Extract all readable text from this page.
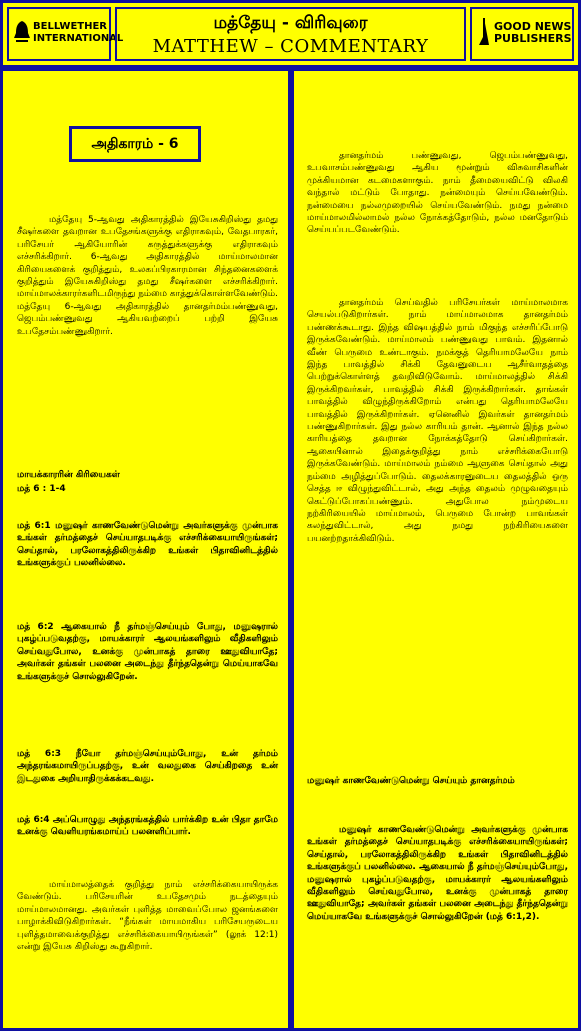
BELLWETHER INTERNATIONAL
மத்தேயு - விரிவுரை
MATTHEW – COMMENTARY
GOOD NEWS PUBLISHERS
அதிகாரம் - 6

மத்தேயு 5-ஆவது அதிகாரத்தில் இயேசுகிறிஸ்து தமது சீஷர்களை தவறான உபதேசங்களுக்கு எதிராகவும், வேதபாரகர், பரிசேயர் ஆகியோரின் கருத்துக்களுக்கு எதிராகவும் எச்சரிக்கிறார். 6-ஆவது அதிகாரத்தில் மாய்மாலமான கிரியைகளைக் குறித்தும், உலகப்பிரகாரமான சிந்தனைகளைக் குறித்தும் இயேசுகிறிஸ்து தமது சீஷர்களை எச்சரிக்கிறார். மாய்மாலக்காரர்களிடமிருந்து நம்மை காத்துக்கொள்ளவேண்டும். மத்தேயு 6-ஆவது அதிகாரத்தில் தானதர்மம்பண்ணுவது, ஜெபம்பண்ணுவது ஆகியவற்றைப் பற்றி இயேசு உபதேசம்பண்ணுகிறார்.

மாயக்காரரின் கிரியைகள்
மத் 6 : 1-4

மத் 6:1 மனுஷர் காணவேண்டுமென்று அவர்களுக்கு முன்பாக உங்கள் தர்மத்தைச் செய்யாதபடிக்கு எச்சரிக்கையாயிருங்கள்; செய்தால், பரலோகத்திலிருக்கிற உங்கள் பிதாவினிடத்தில் உங்களுக்குப் பலனில்லை.

மத் 6:2 ஆகையால் நீ தர்மஞ்செய்யும் போது, மனுஷரால் புகழ்ப்படுவதற்கு, மாயக்காரர் ஆலயங்களிலும் வீதிகளிலும் செய்வதுபோல, உனக்கு முன்பாகத் தாரை ஊதுவியாதே; அவர்கள் தங்கள் பலனை அடைந்து தீர்ந்ததென்று மெய்யாகவே உங்களுக்குச் சொல்லுகிறேன்.

மத் 6:3 நீயோ தர்மஞ்செய்யும்போது, உன் தர்மம் அந்தரங்கமாயிருப்பதற்கு, உன் வலதுகை செய்கிறதை உன் இடதுகை அறியாதிருக்கக்கடவது.

மத் 6:4 அப்பொழுது அந்தரங்கத்தில் பார்க்கிற உன் பிதா தாமே உனக்கு வெளியரங்கமாய்ப் பலனளிப்பார்.

மாய்மாலத்தைக் குறித்து நாம் எச்சரிக்கையாயிருக்க வேண்டும். பரிசேயரின் உபதேசமும் நடத்தையும் மாய்மாலமானது. அவர்கள் புளித்த மாவைப்போல ஜனங்களை பாழாக்கிவிடுகிறார்கள். “நீங்கள் மாயமாகிய பரிசேயருடைய புளித்தமாவைக்குறித்து எச்சரிக்கையாயிருங்கள்” (லூக் 12:1) என்று இயேசு கிறிஸ்து கூறுகிறார்.

தானதர்மம் பண்ணுவது, ஜெபம்பண்ணுவது, உபவாசம்பண்ணுவது ஆகிய மூன்றும் விசுவாசிகளின் முக்கியமான கடமைகளாகும். நாம் தீமையைவிட்டு விலகி வந்தால் மட்டும் போதாது. நன்மையும் செய்யவேண்டும். நன்மையை நல்லமுறையில் செய்யவேண்டும். நமது நன்மை மாய்மாலமில்லாமல் நல்ல நோக்கத்தோடும், நல்ல மனதோடும் செய்யப்படவேண்டும்.

தானதர்மம் செய்வதில் பரிசேயர்கள் மாய்மாலமாக செயல்படுகிறார்கள். நாம் மாய்மாலமாக தானதர்மம் பண்ணக்கூடாது. இந்த விஷயத்தில் நாம் மிகுந்த எச்சரிப்போடு இருக்கவேண்டும். மாய்மாலம் பண்ணுவது பாவம். இதனால் வீண் பெருமை உண்டாகும். நமக்குத் தெரியாமலேயே நாம் இந்த பாவத்தில் சிக்கி தேவனுடைய ஆசீர்வாதத்தை பெற்றுக்கொள்ளத் தவறிவிடுவோம். மாய்மாலத்தில் சிக்கி இருக்கிறவர்கள், பாவத்தில் சிக்கி இருக்கிறார்கள். தாங்கள் பாவத்தில் விழுந்திருக்கிறோம் என்பது தெரியாமலேயே பாவத்தில் இருக்கிறார்கள். ஏனெனில் இவர்கள் தானதர்மம் பண்ணுகிறார்கள். இது நல்ல காரியம் தான். ஆனால் இந்த நல்ல காரியத்தை தவறான நோக்கத்தோடு செய்கிறார்கள். ஆகையினால் இதைக்குறித்து நாம் எச்சரிக்கையோடு இருக்கவேண்டும். மாய்மாலம் நம்மை ஆளுகை செய்தால் அது நம்மை அழித்துப்போடும். தைலக்காரனுடைய தைலத்தில் ஒரு செத்த ஈ விழுந்துவிட்டால், அது அந்த தைலம் முழுவதையும் கெட்டுப்போகப்பண்ணும். அதுபோல நம்முடைய நற்கிரியையில் மாய்மாலம், பெருமை போன்ற பாவங்கள் கலந்துவிட்டால், அது நமது நற்கிரியைகளை பயனற்றதாக்கிவிடும்.

மனுஷர் காணவேண்டுமென்று செய்யும் தானதர்மம்

மனுஷர் காணவேண்டுமென்று அவர்களுக்கு முன்பாக உங்கள் தர்மத்தைச் செய்யாதபடிக்கு எச்சரிக்கையாயிருங்கள்; செய்தால், பரலோகத்திலிருக்கிற உங்கள் பிதாவினிடத்தில் உங்களுக்குப் பலனில்லை. ஆகையால் நீ தர்மஞ்செய்யும்போது, மனுஷரால் புகழ்ப்படுவதற்கு, மாயக்காரர் ஆலயங்களிலும் வீதிகளிலும் செய்வதுபோல, உனக்கு முன்பாகத் தாரை ஊதுவியாதே; அவர்கள் தங்கள் பலனை அடைந்து தீர்ந்ததென்று மெய்யாகவே உங்களுக்குச் சொல்லுகிறேன் (மத் 6:1,2).
